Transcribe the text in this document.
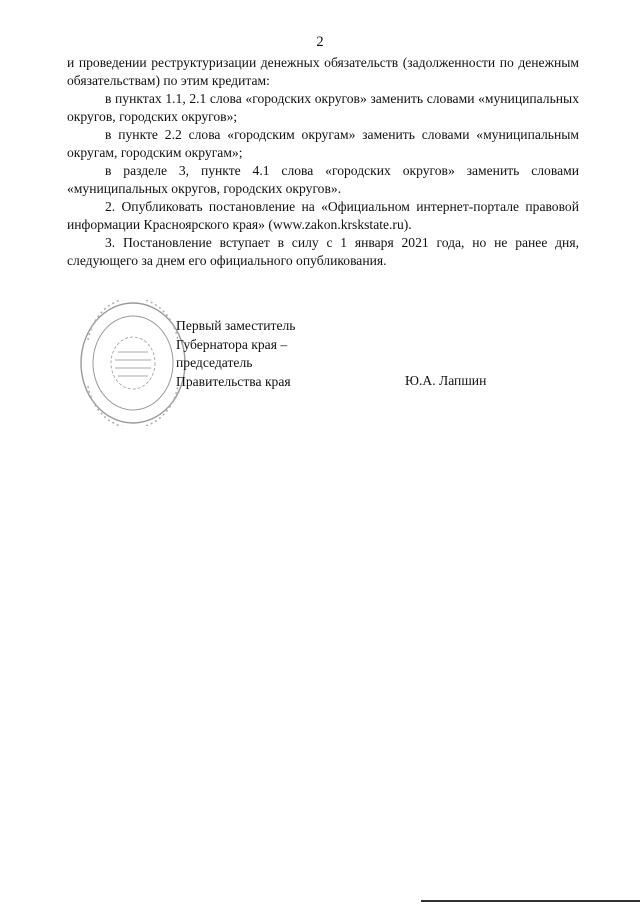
2

и проведении реструктуризации денежных обязательств (задолженности по денежным обязательствам) по этим кредитам:

в пунктах 1.1, 2.1 слова «городских округов» заменить словами «муниципальных округов, городских округов»;

в пункте 2.2 слова «городским округам» заменить словами «муниципальным округам, городским округам»;

в разделе 3, пункте 4.1 слова «городских округов» заменить словами «муниципальных округов, городских округов».

2. Опубликовать постановление на «Официальном интернет-портале правовой информации Красноярского края» (www.zakon.krskstate.ru).

3. Постановление вступает в силу с 1 января 2021 года, но не ранее дня, следующего за днем его официального опубликования.

Первый заместитель
Губернатора края –
председатель
Правительства края	Ю.А. Лапшин
